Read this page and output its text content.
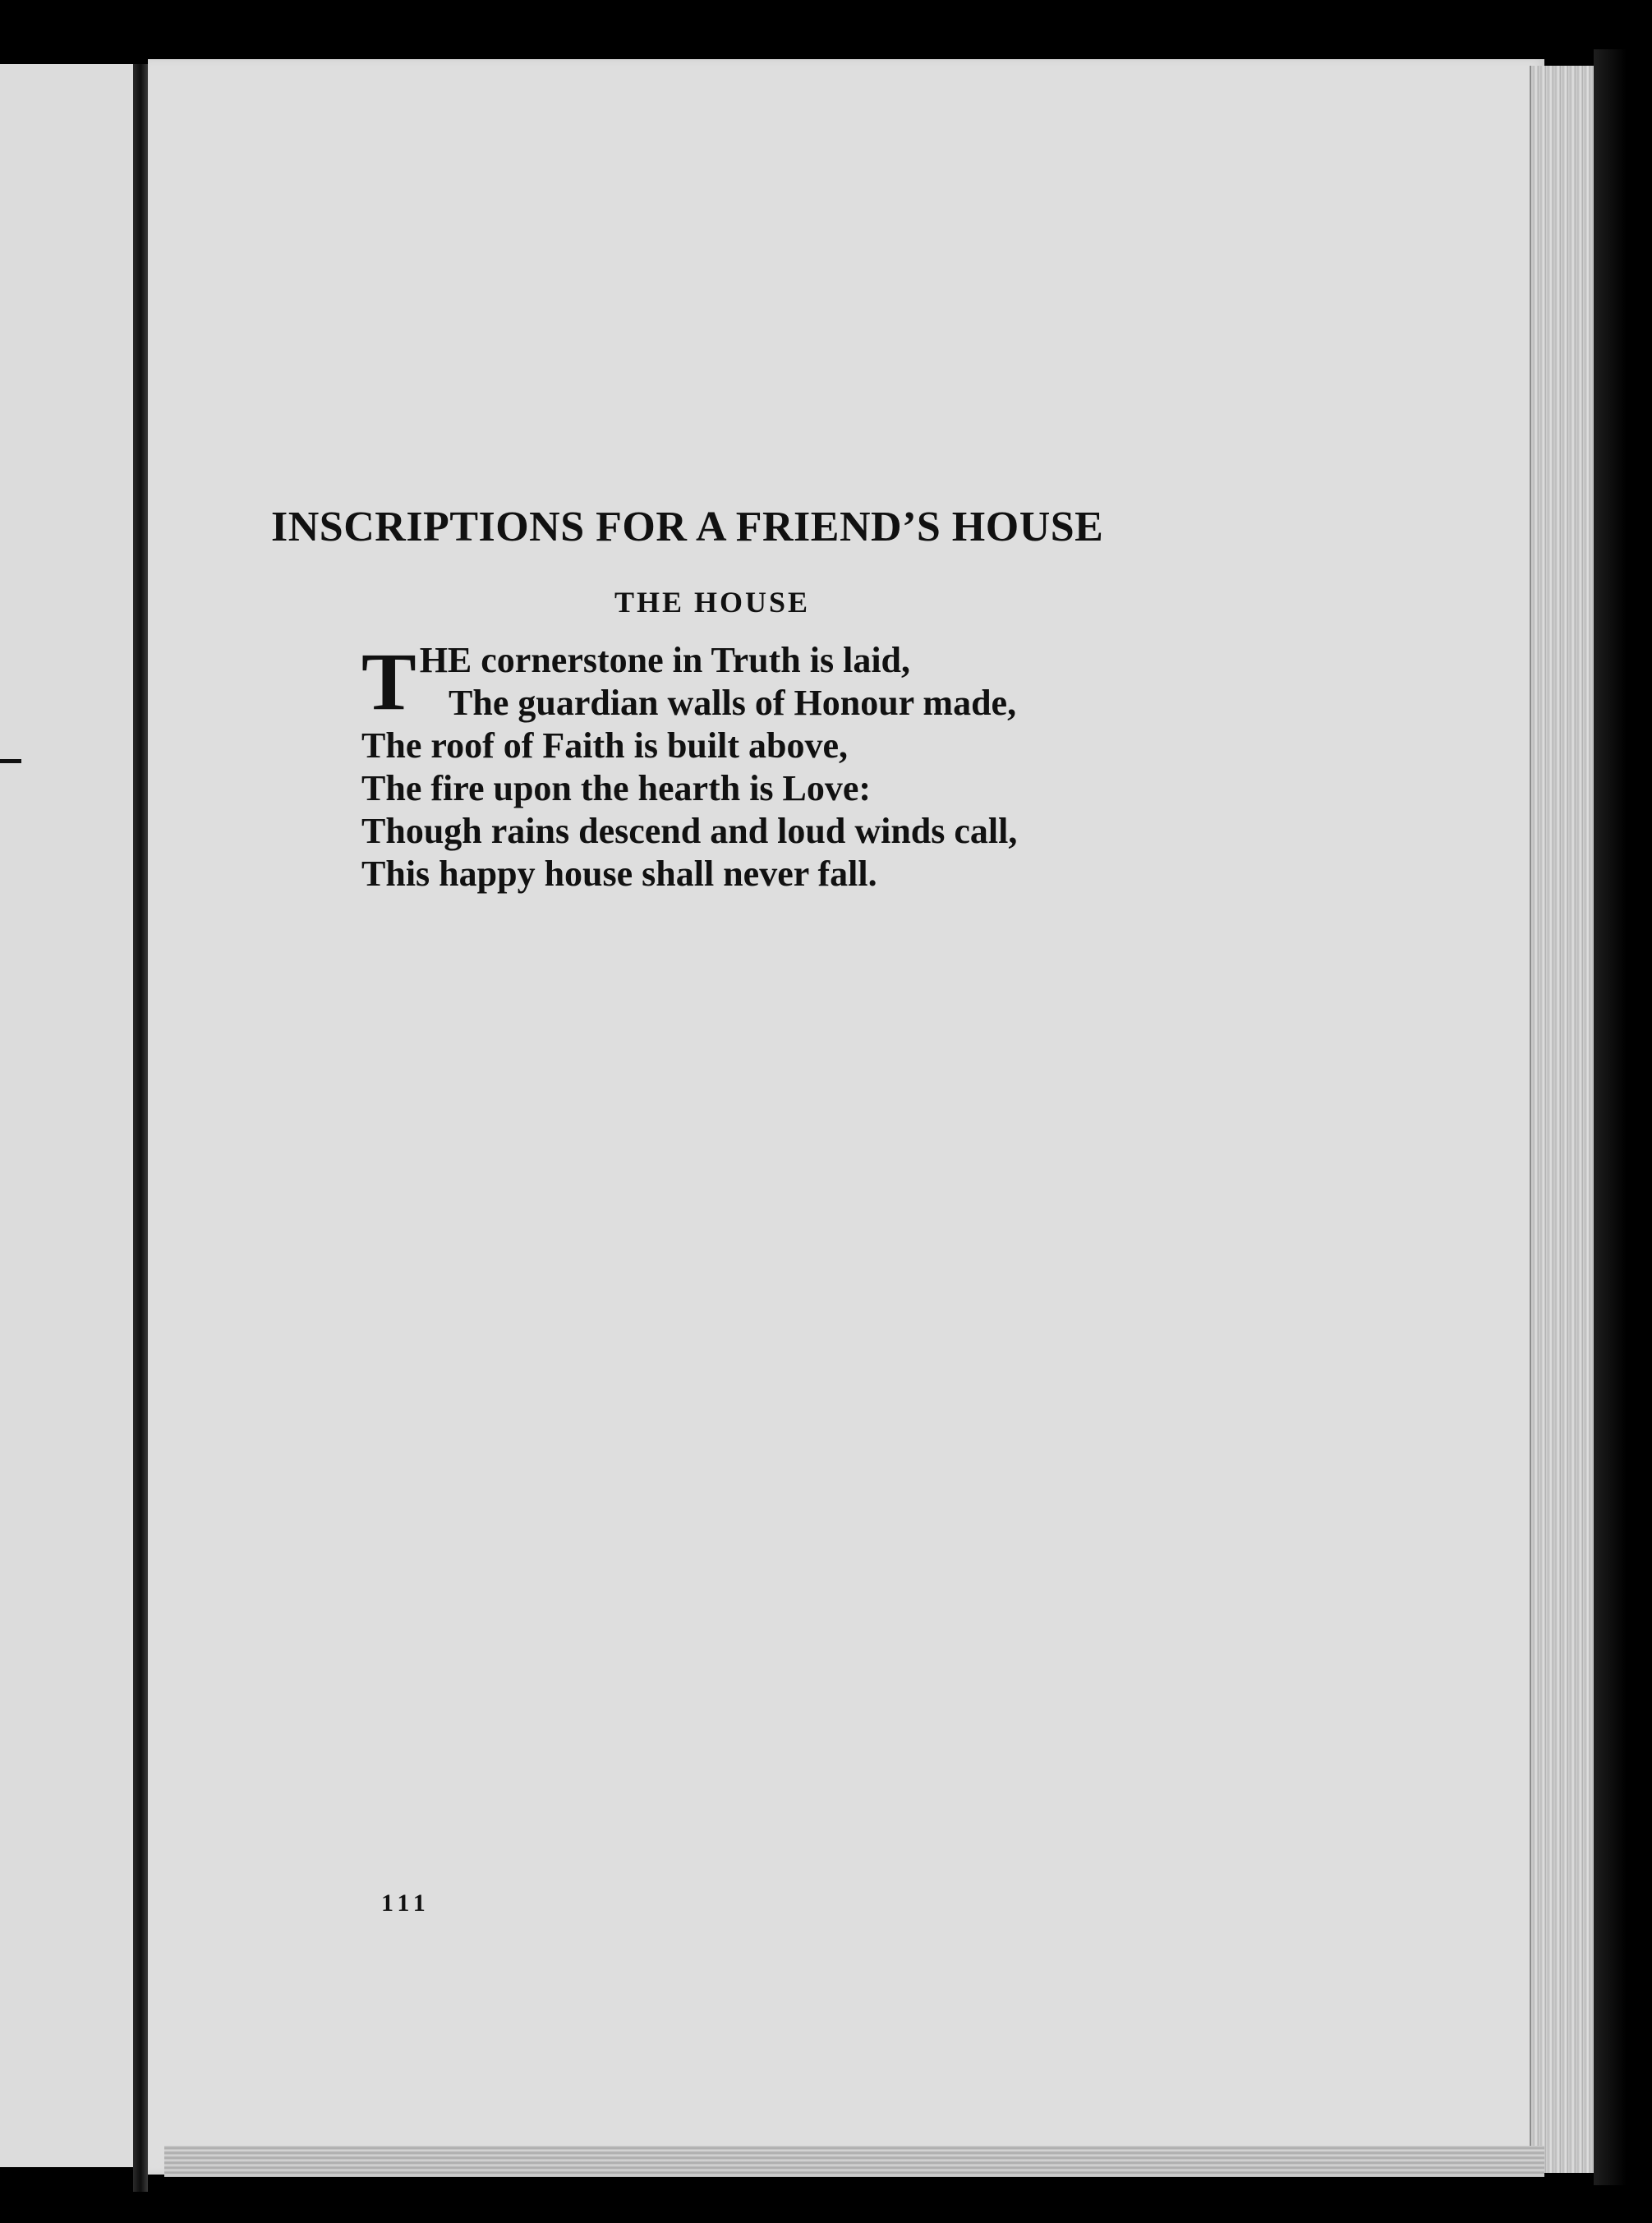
INSCRIPTIONS FOR A FRIEND’S HOUSE
THE HOUSE
T HE cornerstone in Truth is laid,
The guardian walls of Honour made,
The roof of Faith is built above,
The fire upon the hearth is Love:
Though rains descend and loud winds call,
This happy house shall never fall.
111
